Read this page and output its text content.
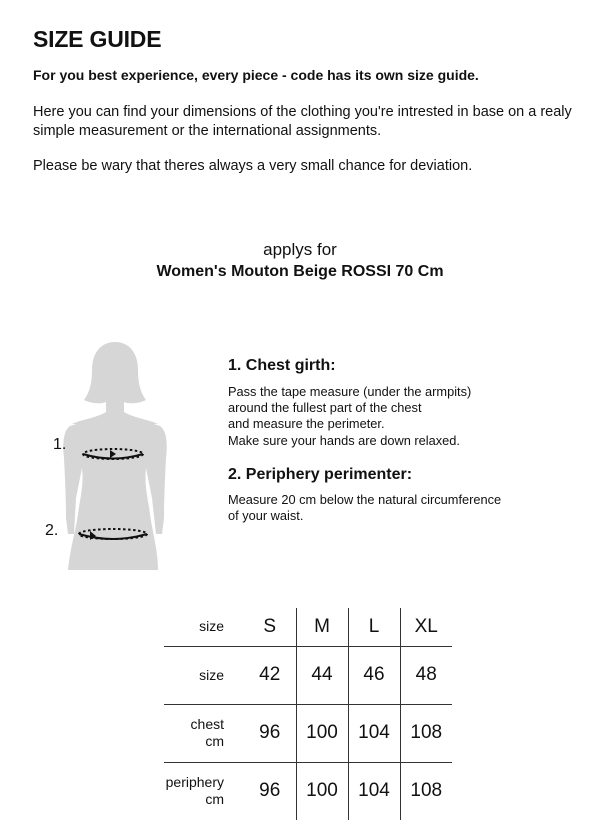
SIZE GUIDE
For you best experience, every piece - code has its own size guide.
Here you can find your dimensions of the clothing you're intrested in base on a realy simple measurement or the international assignments.
Please be wary that theres always a very small chance for deviation.
applys for
Women's Mouton Beige ROSSI 70 Cm
1.
2.
1. Chest girth:
Pass the tape measure (under the armpits)
around the fullest part of the chest
and measure the perimeter.
Make sure your hands are down relaxed.
2. Periphery perimenter:
Measure 20 cm below the natural circumference
of your waist.
size	S	M	L	XL

size	42	44	46	48

chest
cm	96	100	104	108

periphery
cm	96	100	104	108
